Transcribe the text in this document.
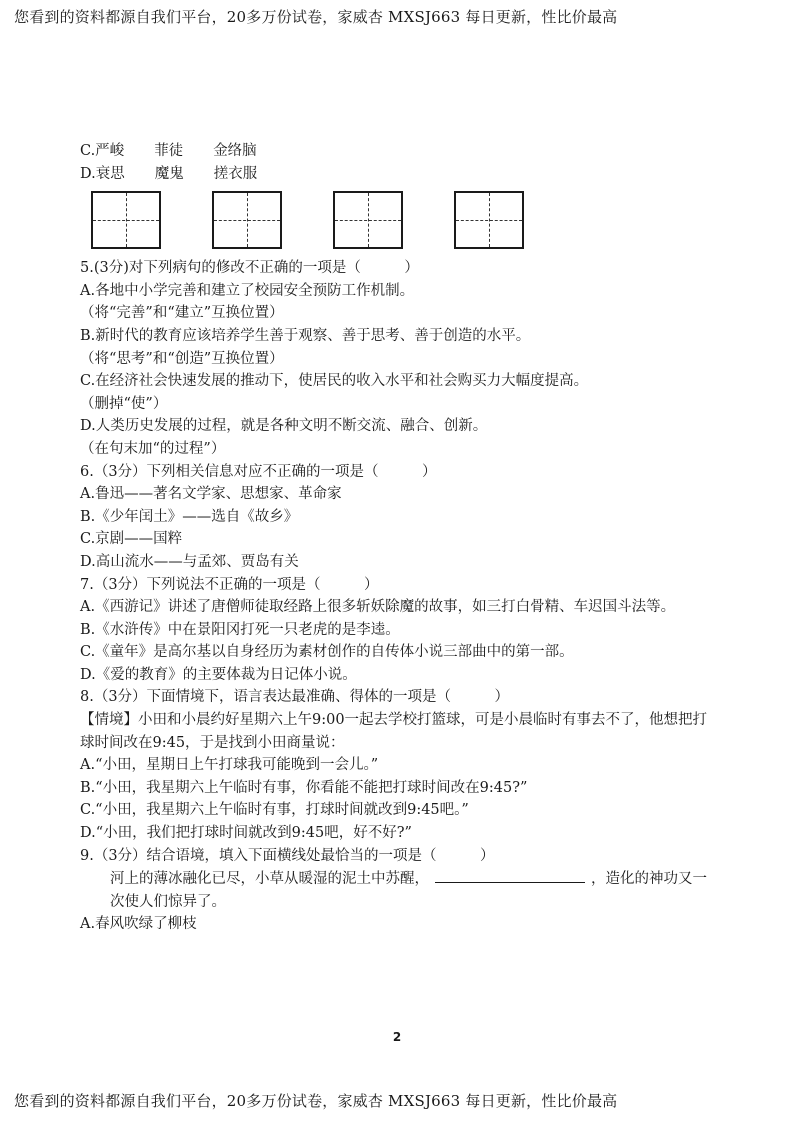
您看到的资料都源自我们平台，20多万份试卷，家威杏 MXSJ663 每日更新，性比价最高
C.严峻 菲徒 金络脑
D.衰思 魔鬼 搓衣服
5.(3分)对下列病句的修改不正确的一项是（　　　）
A.各地中小学完善和建立了校园安全预防工作机制。
（将“完善”和“建立”互换位置）
B.新时代的教育应该培养学生善于观察、善于思考、善于创造的水平。
（将“思考”和“创造”互换位置）
C.在经济社会快速发展的推动下，使居民的收入水平和社会购买力大幅度提高。
（删掉“使”）
D.人类历史发展的过程，就是各种文明不断交流、融合、创新。
（在句末加“的过程”）
6.（3分）下列相关信息对应不正确的一项是（　　　）
A.鲁迅——著名文学家、思想家、革命家
B.《少年闰土》——选自《故乡》
C.京剧——国粹
D.高山流水——与孟郊、贾岛有关
7.（3分）下列说法不正确的一项是（　　　）
A.《西游记》讲述了唐僧师徒取经路上很多斩妖除魔的故事，如三打白骨精、车迟国斗法等。
B.《水浒传》中在景阳冈打死一只老虎的是李逵。
C.《童年》是高尔基以自身经历为素材创作的自传体小说三部曲中的第一部。
D.《爱的教育》的主要体裁为日记体小说。
8.（3分）下面情境下，语言表达最准确、得体的一项是（　　　）
【情境】小田和小晨约好星期六上午9:00一起去学校打篮球，可是小晨临时有事去不了，他想把打球时间改在9:45，于是找到小田商量说：
A.“小田，星期日上午打球我可能晚到一会儿。”
B.“小田，我星期六上午临时有事，你看能不能把打球时间改在9:45?”
C.“小田，我星期六上午临时有事，打球时间就改到9:45吧。”
D.“小田，我们把打球时间就改到9:45吧，好不好?”
9.（3分）结合语境，填入下面横线处最恰当的一项是（　　　）
河上的薄冰融化已尽，小草从暖湿的泥土中苏醒，	，造化的神功又一次使人们惊异了。
A.春风吹绿了柳枝
2
您看到的资料都源自我们平台，20多万份试卷，家威杏 MXSJ663 每日更新，性比价最高
